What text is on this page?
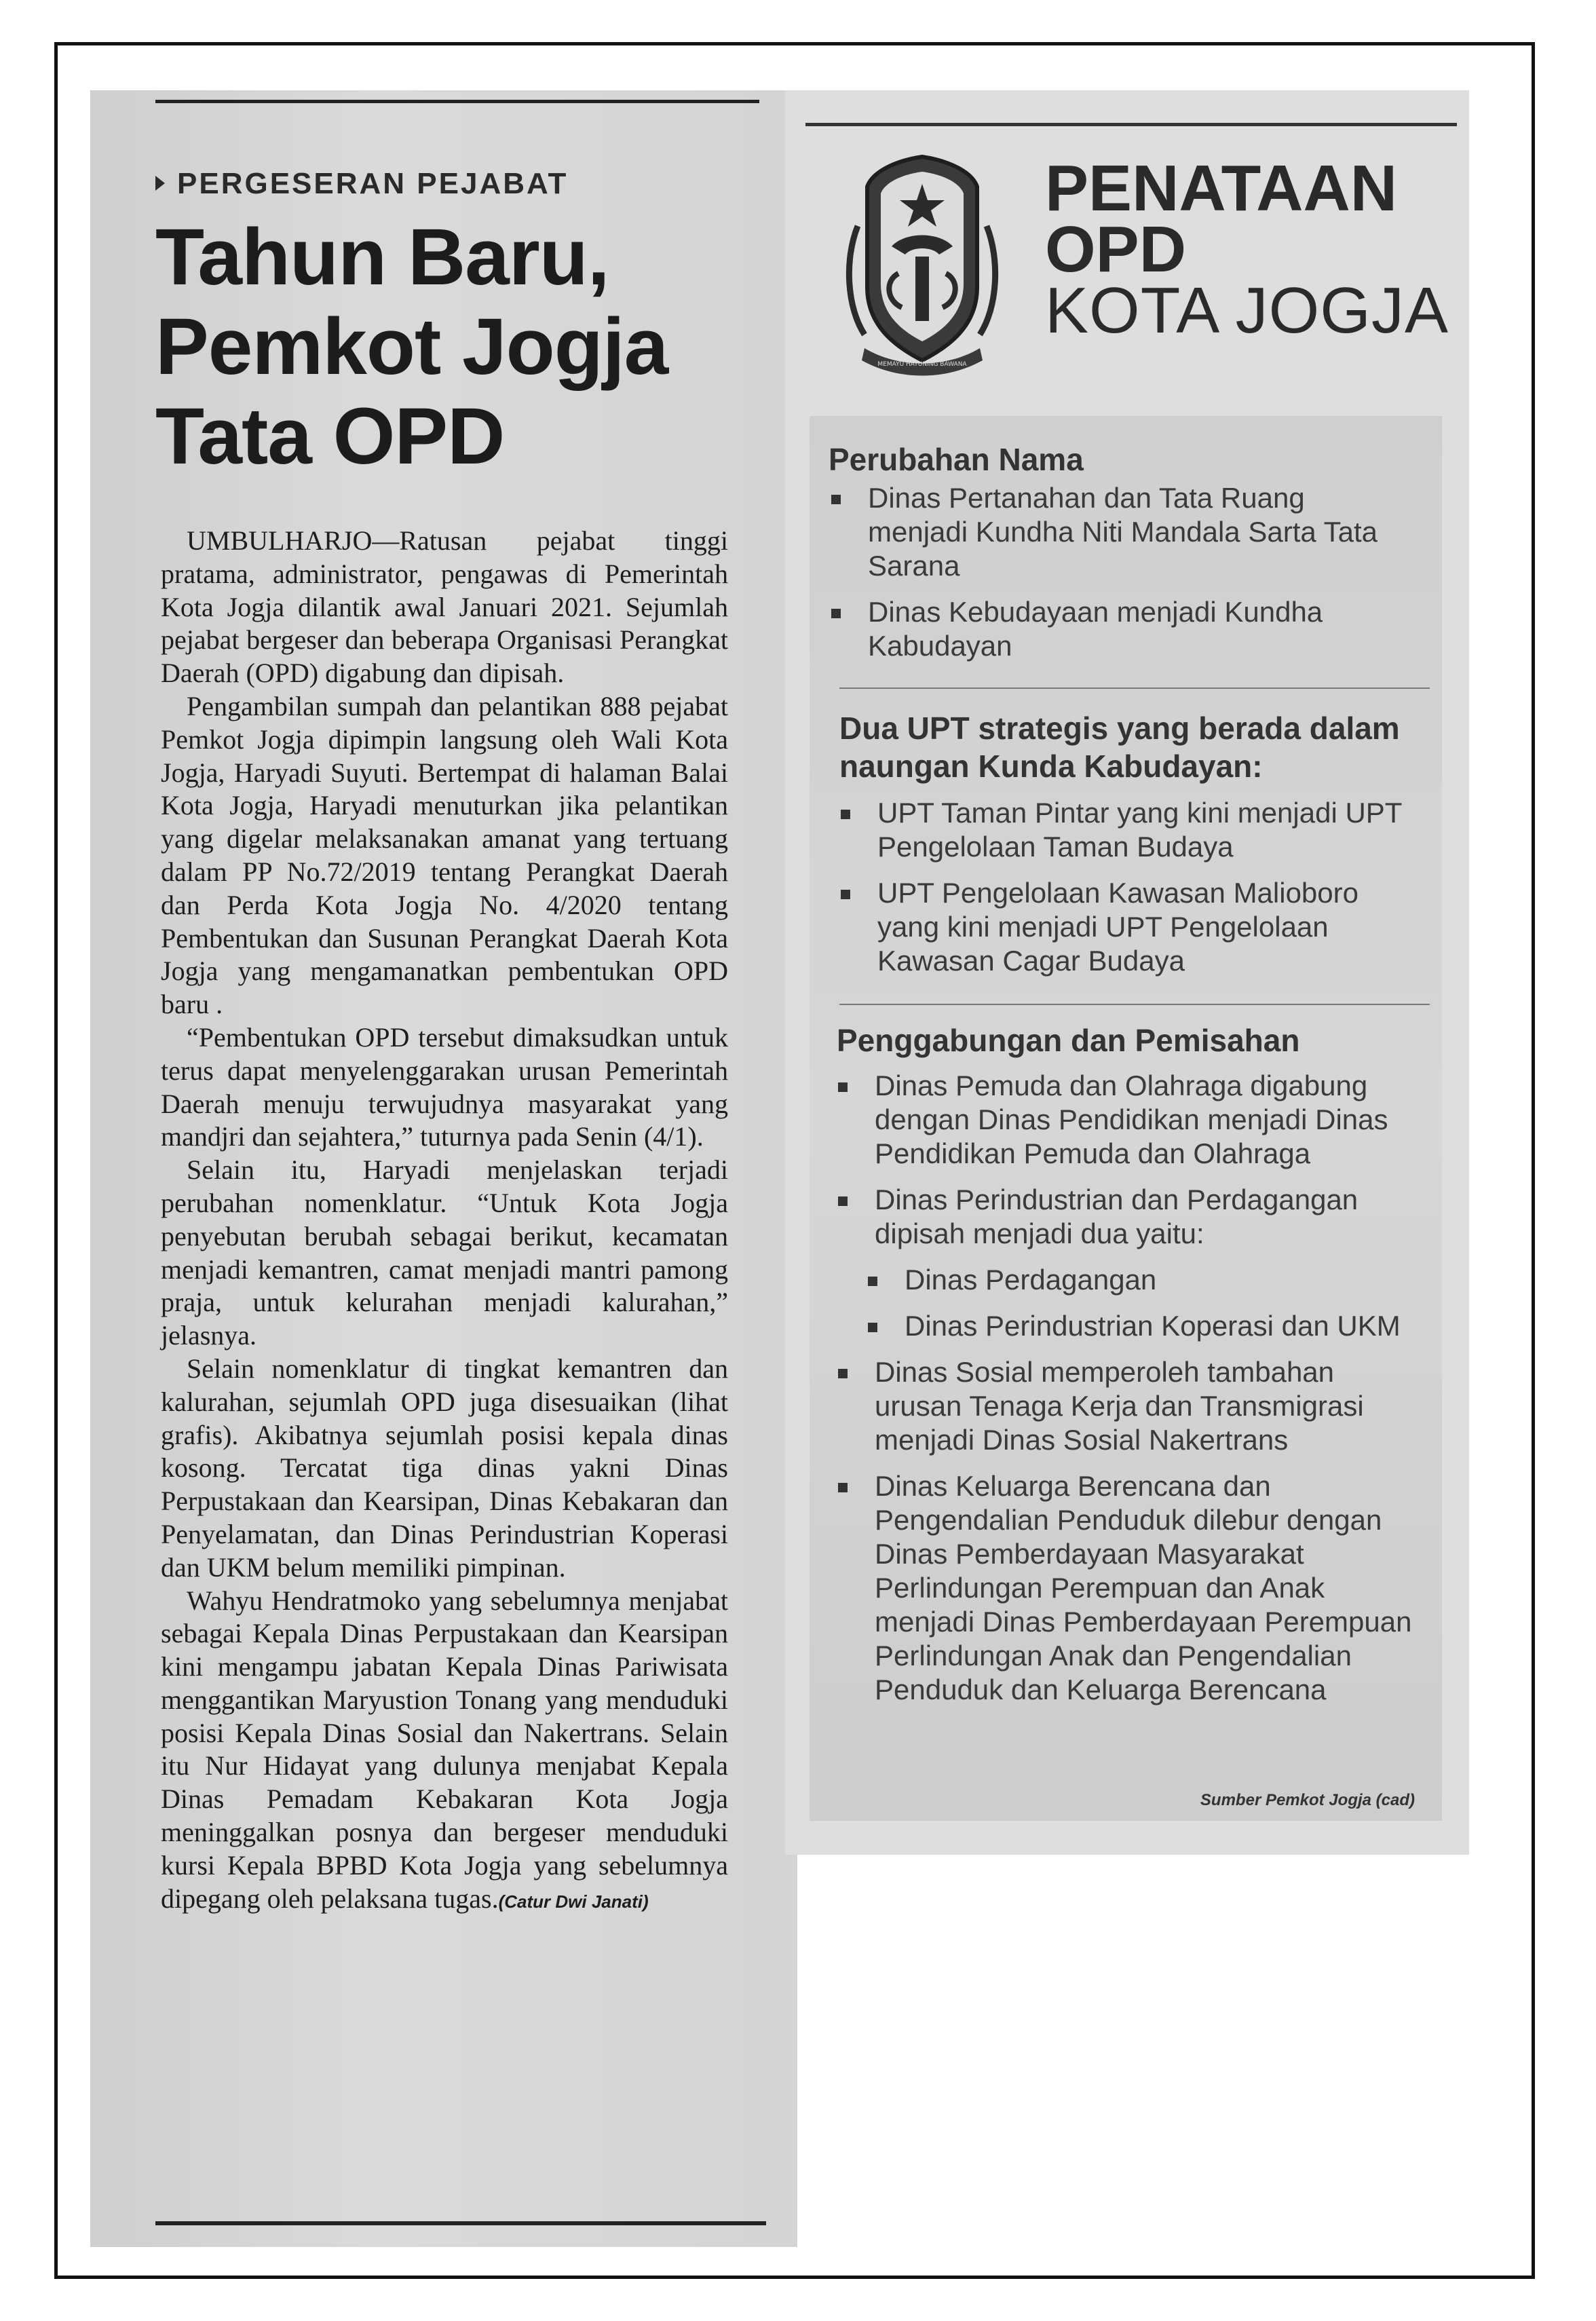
PERGESERAN PEJABAT
Tahun Baru,
Pemkot Jogja
Tata OPD

UMBULHARJO—Ratusan pejabat tinggi pratama, administrator, pengawas di Pemerintah Kota Jogja dilantik awal Januari 2021. Sejumlah pejabat bergeser dan beberapa Organisasi Perangkat Daerah (OPD) digabung dan dipisah.

Pengambilan sumpah dan pelantikan 888 pejabat Pemkot Jogja dipimpin langsung oleh Wali Kota Jogja, Haryadi Suyuti. Bertempat di halaman Balai Kota Jogja, Haryadi menuturkan jika pelantikan yang digelar melaksanakan amanat yang tertuang dalam PP No.72/2019 tentang Perangkat Daerah dan Perda Kota Jogja No. 4/2020 tentang Pembentukan dan Susunan Perangkat Daerah Kota Jogja yang mengamanatkan pembentukan OPD baru .

“Pembentukan OPD tersebut dimaksudkan untuk terus dapat menyelenggarakan urusan Pemerintah Daerah menuju terwujudnya masyarakat yang mandjri dan sejahtera,” tuturnya pada Senin (4/1).

Selain itu, Haryadi menjelaskan terjadi perubahan nomenklatur. “Untuk Kota Jogja penyebutan berubah sebagai berikut, kecamatan menjadi kemantren, camat menjadi mantri pamong praja, untuk kelurahan menjadi kalurahan,” jelasnya.

Selain nomenklatur di tingkat kemantren dan kalurahan, sejumlah OPD juga disesuaikan (lihat grafis). Akibatnya sejumlah posisi kepala dinas kosong. Tercatat tiga dinas yakni Dinas Perpustakaan dan Kearsipan, Dinas Kebakaran dan Penyelamatan, dan Dinas Perindustrian Koperasi dan UKM belum memiliki pimpinan.

Wahyu Hendratmoko yang sebelumnya menjabat sebagai Kepala Dinas Perpustakaan dan Kearsipan kini mengampu jabatan Kepala Dinas Pariwisata menggantikan Maryustion Tonang yang menduduki posisi Kepala Dinas Sosial dan Nakertrans. Selain itu Nur Hidayat yang dulunya menjabat Kepala Dinas Pemadam Kebakaran Kota Jogja meninggalkan posnya dan bergeser menduduki kursi Kepala BPBD Kota Jogja yang sebelumnya dipegang oleh pelaksana tugas.(Catur Dwi Janati)

MEMAYU HAYUNING BAWANA
PENATAAN
OPD
KOTA JOGJA
Perubahan Nama
Dinas Pertanahan dan Tata Ruang menjadi Kundha Niti Mandala Sarta Tata Sarana
Dinas Kebudayaan menjadi Kundha Kabudayan
Dua UPT strategis yang berada dalam naungan Kunda Kabudayan:
UPT Taman Pintar yang kini menjadi UPT Pengelolaan Taman Budaya
UPT Pengelolaan Kawasan Malioboro yang kini menjadi UPT Pengelolaan Kawasan Cagar Budaya
Penggabungan dan Pemisahan
Dinas Pemuda dan Olahraga digabung dengan Dinas Pendidikan menjadi Dinas Pendidikan Pemuda dan Olahraga
Dinas Perindustrian dan Perdagangan dipisah menjadi dua yaitu:
Dinas Perdagangan
Dinas Perindustrian Koperasi dan UKM
Dinas Sosial memperoleh tambahan urusan Tenaga Kerja dan Transmigrasi menjadi Dinas Sosial Nakertrans
Dinas Keluarga Berencana dan Pengendalian Penduduk dilebur dengan Dinas Pemberdayaan Masyarakat Perlindungan Perempuan dan Anak menjadi Dinas Pemberdayaan Perempuan Perlindungan Anak dan Pengendalian Penduduk dan Keluarga Berencana
Sumber Pemkot Jogja (cad)
